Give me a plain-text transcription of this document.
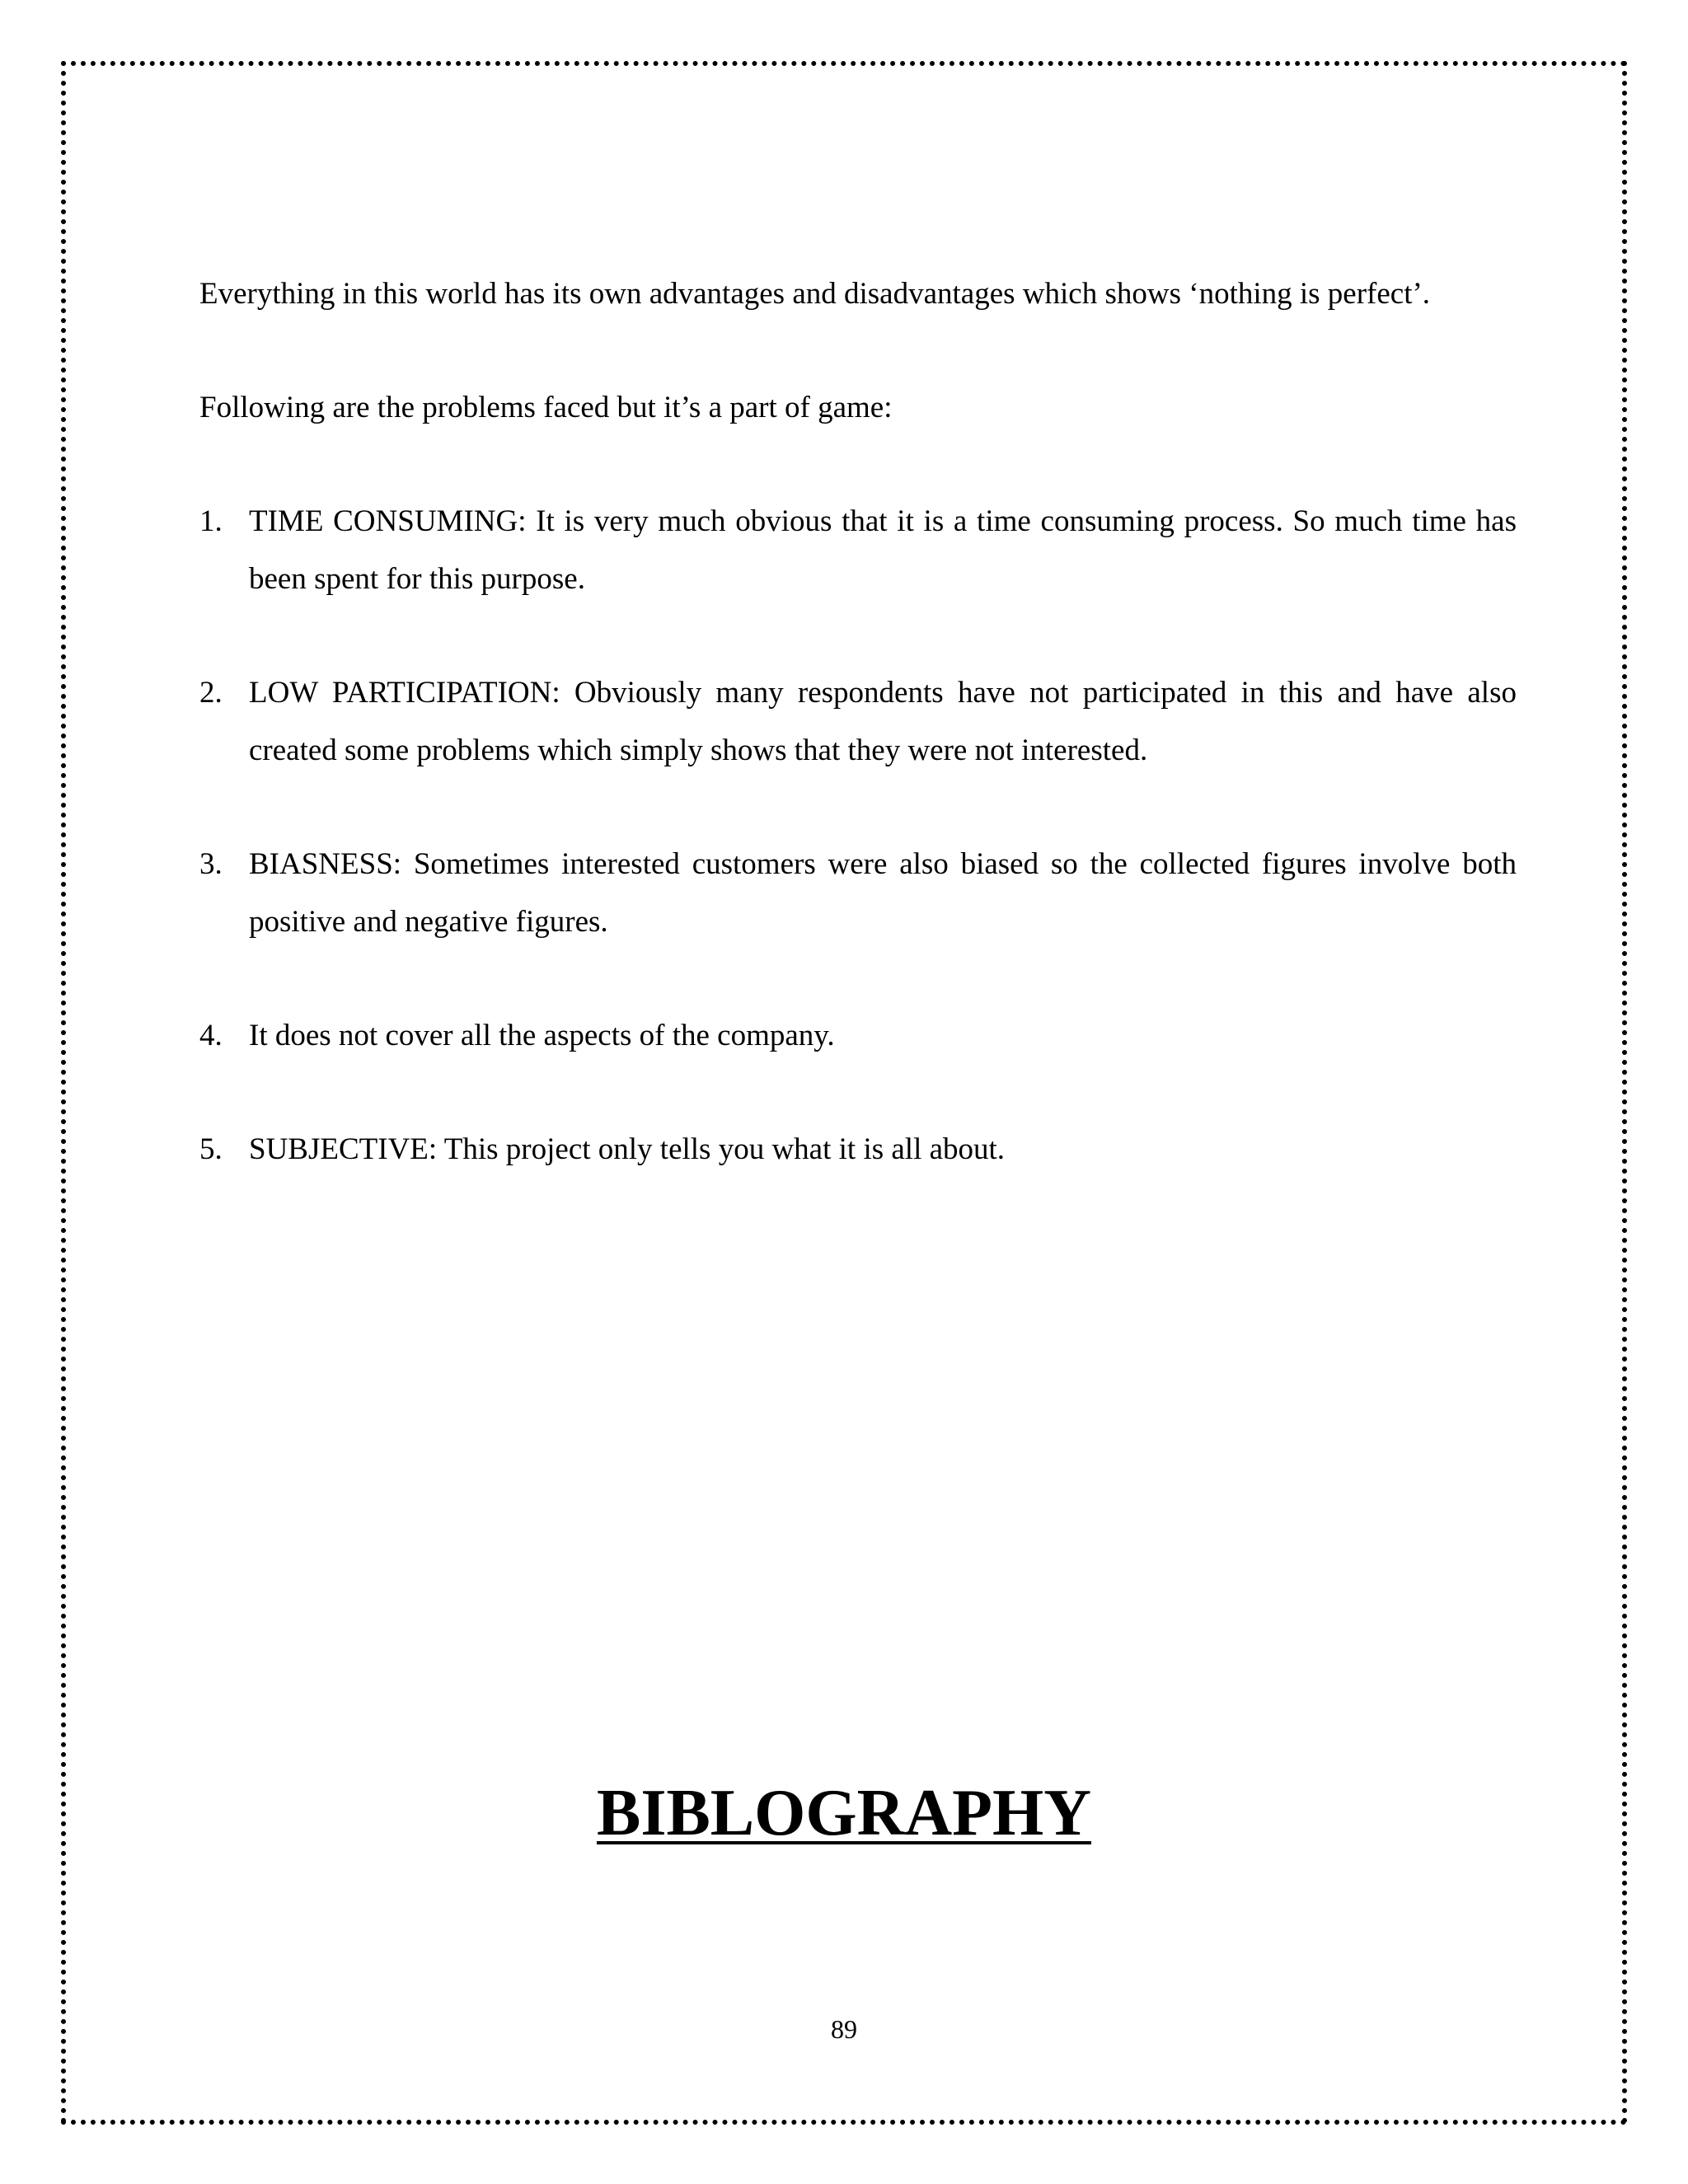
Everything in this world has its own advantages and disadvantages which shows ‘nothing is perfect’.

Following are the problems faced but it’s a part of game:

1. TIME CONSUMING: It is very much obvious that it is a time consuming process. So much time has been spent for this purpose.
2. LOW PARTICIPATION: Obviously many respondents have not participated in this and have also created some problems which simply shows that they were not interested.
3. BIASNESS: Sometimes interested customers were also biased so the collected figures involve both positive and negative figures.
4. It does not cover all the aspects of the company.
5. SUBJECTIVE: This project only tells you what it is all about.
BIBLOGRAPHY
89
